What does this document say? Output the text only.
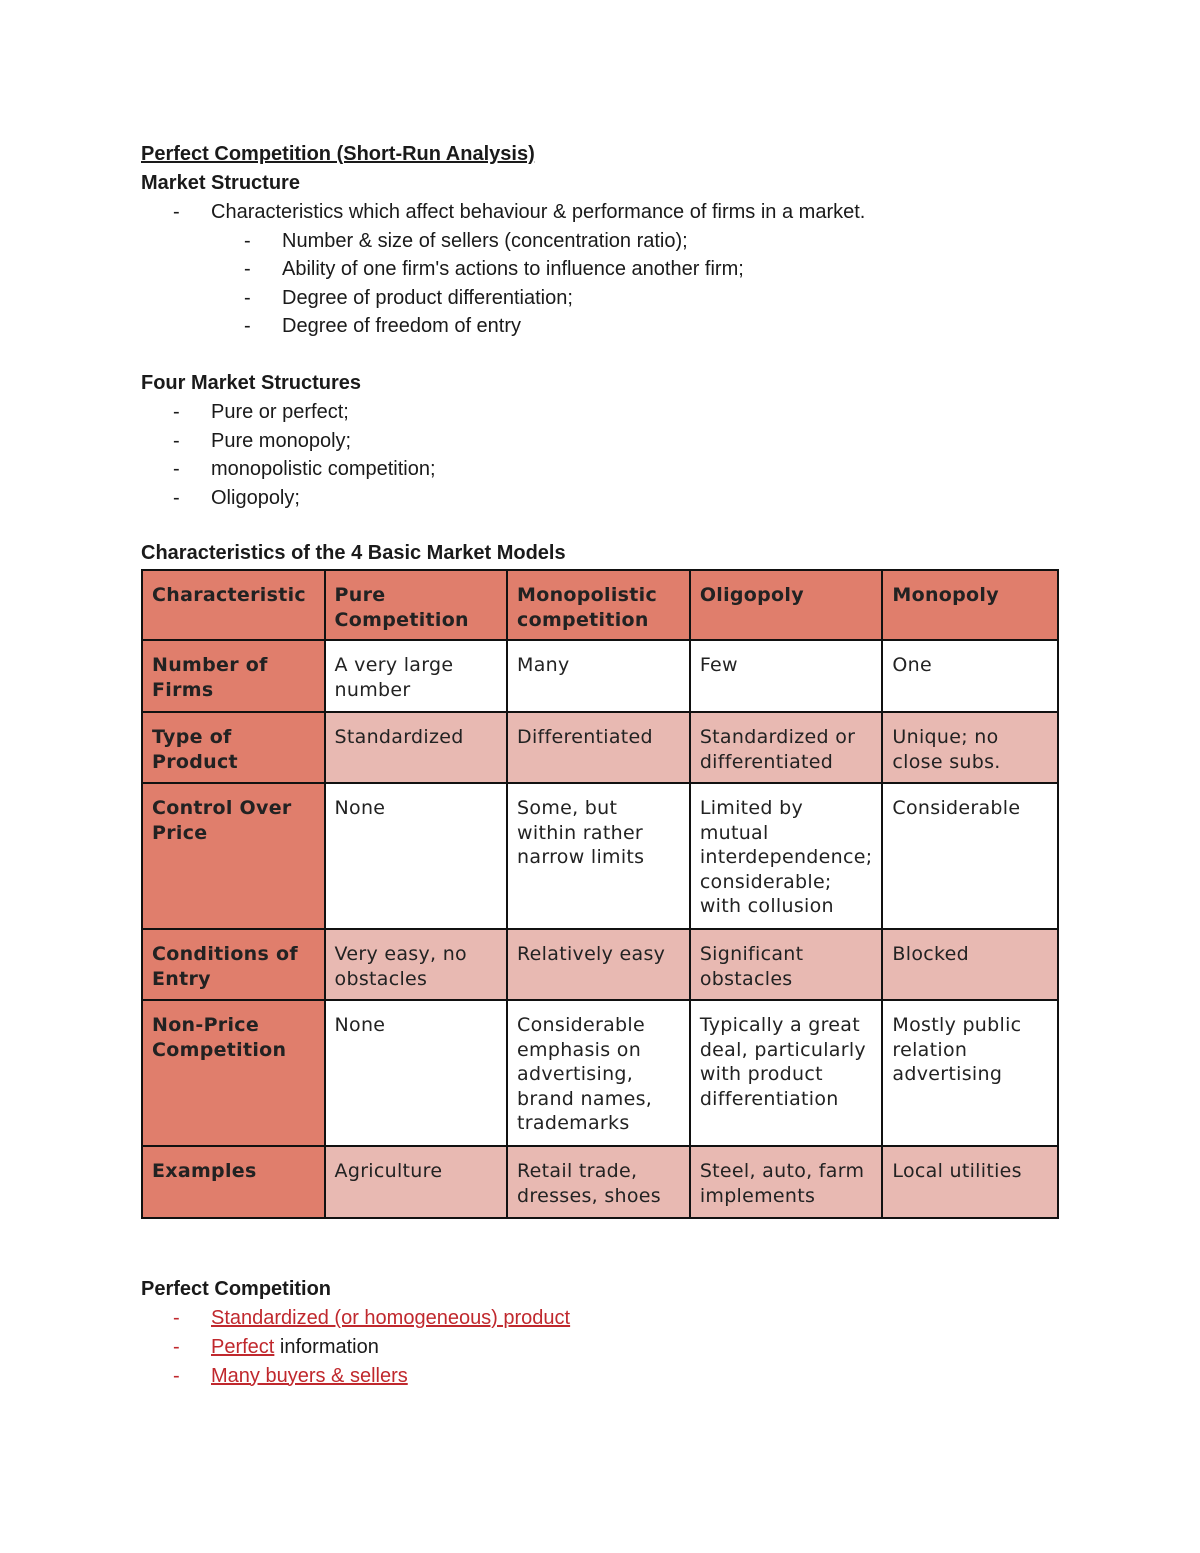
Perfect Competition (Short-Run Analysis)
Market Structure
- Characteristics which affect behaviour & performance of firms in a market.
- Number & size of sellers (concentration ratio);
- Ability of one firm's actions to influence another firm;
- Degree of product differentiation;
- Degree of freedom of entry
Four Market Structures
- Pure or perfect;
- Pure monopoly;
- monopolistic competition;
- Oligopoly;
Characteristics of the 4 Basic Market Models
Characteristic	Pure Competition	Monopolistic competition	Oligopoly	Monopoly
Number of Firms	A very large number	Many	Few	One
Type of Product	Standardized	Differentiated	Standardized or differentiated	Unique; no close subs.
Control Over Price	None	Some, but within rather narrow limits	Limited by mutual interdependence; considerable; with collusion	Considerable
Conditions of Entry	Very easy, no obstacles	Relatively easy	Significant obstacles	Blocked
Non-Price Competition	None	Considerable emphasis on advertising, brand names, trademarks	Typically a great deal, particularly with product differentiation	Mostly public relation advertising
Examples	Agriculture	Retail trade, dresses, shoes	Steel, auto, farm implements	Local utilities
Perfect Competition
- Standardized (or homogeneous) product
- Perfect information
- Many buyers & sellers
